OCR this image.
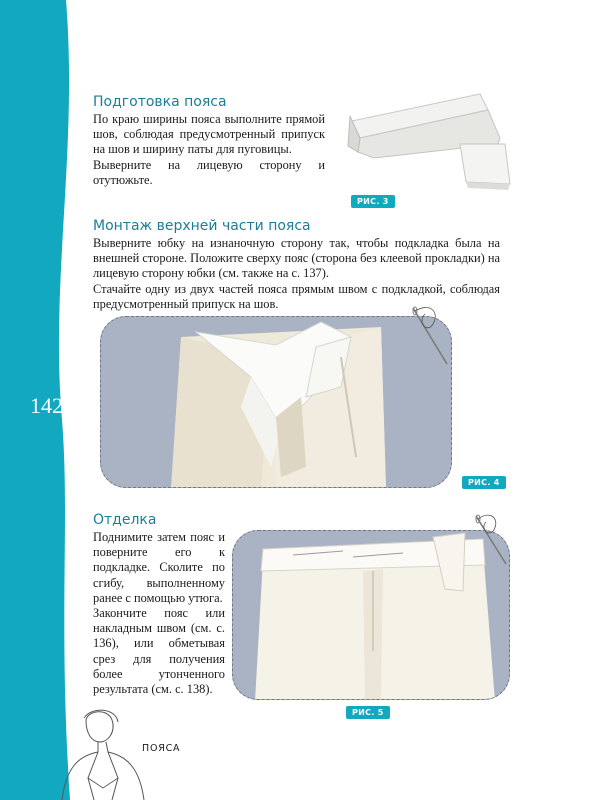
142
Подготовка пояса

По краю ширины пояса выполните прямой шов, соблюдая предусмотренный припуск на шов и ширину паты для пуговицы.

Выверните на лицевую сторону и отутюжьте.

РИС. 3
Монтаж верхней части пояса

Выверните юбку на изнаночную сторону так, чтобы подкладка была на внешней стороне. Положите сверху пояс (сторона без клеевой прокладки) на лицевую сторону юбки (см. также на с. 137).

Стачайте одну из двух частей пояса прямым швом с подкладкой, соблюдая предусмотренный припуск на шов.

РИС. 4
Отделка

Поднимите затем пояс и поверните его к подкладке. Сколите по сгибу, выполненному ранее с помощью утюга.

Закончите пояс или накладным швом (см. с. 136), или обметывая срез для получения более утонченного результата (см. с. 138).

РИС. 5
ПОЯСА
